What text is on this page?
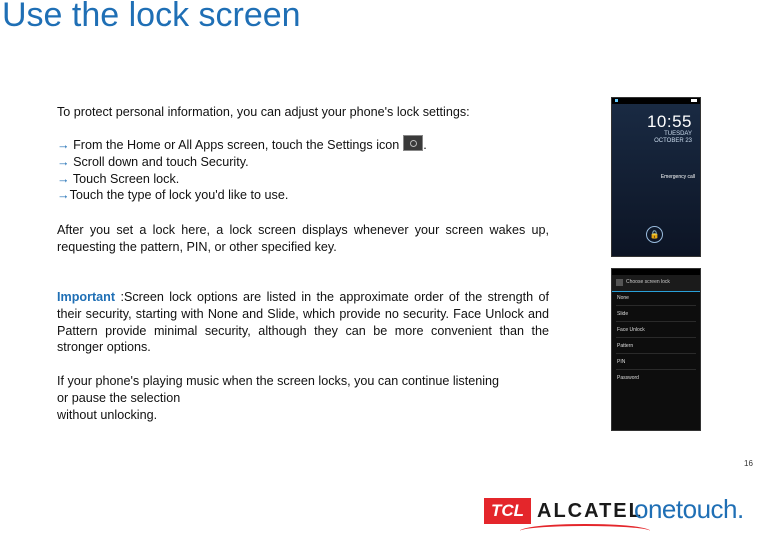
Use the lock screen
To protect personal information, you can adjust your phone's lock settings:
→ From the Home or All Apps screen, touch the Settings icon .
→ Scroll down and touch Security.
→ Touch Screen lock.
→Touch the type of lock you'd like to use.
After you set a lock here, a lock screen displays whenever your screen wakes up, requesting the pattern, PIN, or other specified key.
Important :Screen lock options are listed in the approximate order of the strength of their security, starting with None and Slide, which provide no security. Face Unlock and Pattern provide minimal security, although they can be more convenient than the stronger options.
If your phone's playing music when the screen locks, you can continue listening
or pause the selection
without unlocking.
10:55
TUESDAY
OCTOBER 23
Emergency call
🔒
Choose screen lock
None
Slide
Face Unlock
Pattern
PIN
Password
16
TCL ALCATEL
onetouch.
